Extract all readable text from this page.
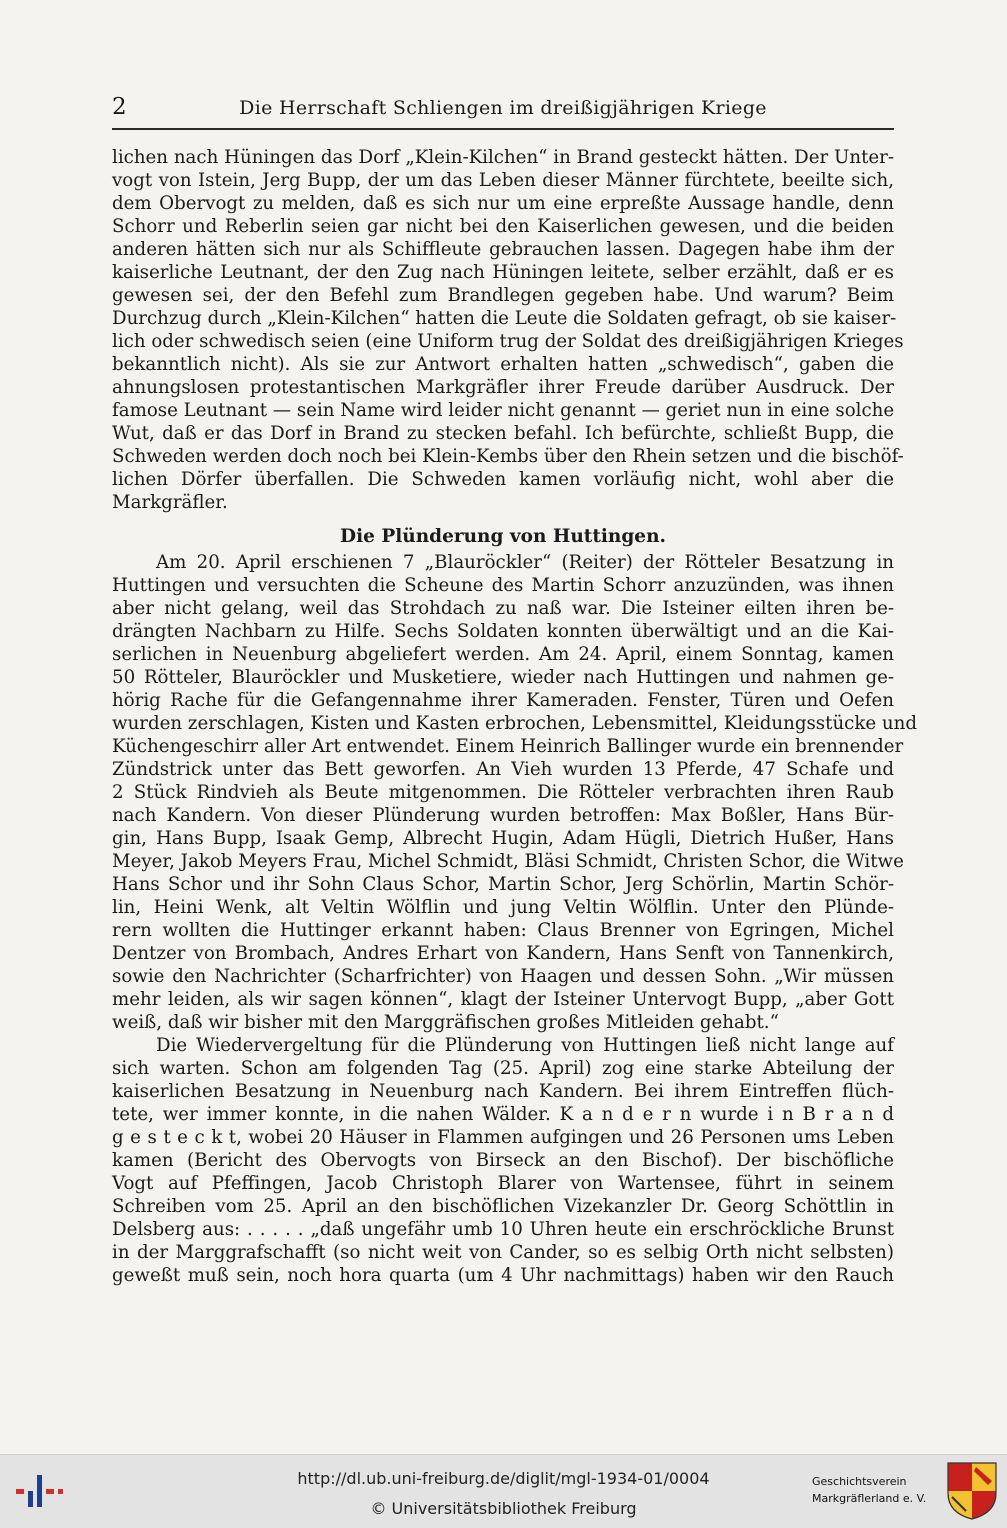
2	Die Herrschaft Schliengen im dreißigjährigen Kriege
lichen nach Hüningen das Dorf „Klein-Kilchen“ in Brand gesteckt hätten. Der Unter-
vogt von Istein, Jerg Bupp, der um das Leben dieser Männer fürchtete, beeilte sich,
dem Obervogt zu melden, daß es sich nur um eine erpreßte Aussage handle, denn
Schorr und Reberlin seien gar nicht bei den Kaiserlichen gewesen, und die beiden
anderen hätten sich nur als Schiffleute gebrauchen lassen. Dagegen habe ihm der
kaiserliche Leutnant, der den Zug nach Hüningen leitete, selber erzählt, daß er es
gewesen sei, der den Befehl zum Brandlegen gegeben habe. Und warum? Beim
Durchzug durch „Klein-Kilchen“ hatten die Leute die Soldaten gefragt, ob sie kaiser-
lich oder schwedisch seien (eine Uniform trug der Soldat des dreißigjährigen Krieges
bekanntlich nicht). Als sie zur Antwort erhalten hatten „schwedisch“, gaben die
ahnungslosen protestantischen Markgräfler ihrer Freude darüber Ausdruck. Der
famose Leutnant — sein Name wird leider nicht genannt — geriet nun in eine solche
Wut, daß er das Dorf in Brand zu stecken befahl. Ich befürchte, schließt Bupp, die
Schweden werden doch noch bei Klein-Kembs über den Rhein setzen und die bischöf-
lichen Dörfer überfallen. Die Schweden kamen vorläufig nicht, wohl aber die
Markgräfler.
Die Plünderung von Huttingen.
Am 20. April erschienen 7 „Blauröckler“ (Reiter) der Rötteler Besatzung in
Huttingen und versuchten die Scheune des Martin Schorr anzuzünden, was ihnen
aber nicht gelang, weil das Strohdach zu naß war. Die Isteiner eilten ihren be-
drängten Nachbarn zu Hilfe. Sechs Soldaten konnten überwältigt und an die Kai-
serlichen in Neuenburg abgeliefert werden. Am 24. April, einem Sonntag, kamen
50 Rötteler, Blauröckler und Musketiere, wieder nach Huttingen und nahmen ge-
hörig Rache für die Gefangennahme ihrer Kameraden. Fenster, Türen und Oefen
wurden zerschlagen, Kisten und Kasten erbrochen, Lebensmittel, Kleidungsstücke und
Küchengeschirr aller Art entwendet. Einem Heinrich Ballinger wurde ein brennender
Zündstrick unter das Bett geworfen. An Vieh wurden 13 Pferde, 47 Schafe und
2 Stück Rindvieh als Beute mitgenommen. Die Rötteler verbrachten ihren Raub
nach Kandern. Von dieser Plünderung wurden betroffen: Max Boßler, Hans Bür-
gin, Hans Bupp, Isaak Gemp, Albrecht Hugin, Adam Hügli, Dietrich Hußer, Hans
Meyer, Jakob Meyers Frau, Michel Schmidt, Bläsi Schmidt, Christen Schor, die Witwe
Hans Schor und ihr Sohn Claus Schor, Martin Schor, Jerg Schörlin, Martin Schör-
lin, Heini Wenk, alt Veltin Wölflin und jung Veltin Wölflin. Unter den Plünde-
rern wollten die Huttinger erkannt haben: Claus Brenner von Egringen, Michel
Dentzer von Brombach, Andres Erhart von Kandern, Hans Senft von Tannenkirch,
sowie den Nachrichter (Scharfrichter) von Haagen und dessen Sohn. „Wir müssen
mehr leiden, als wir sagen können“, klagt der Isteiner Untervogt Bupp, „aber Gott
weiß, daß wir bisher mit den Marggräfischen großes Mitleiden gehabt.“
Die Wiedervergeltung für die Plünderung von Huttingen ließ nicht lange auf
sich warten. Schon am folgenden Tag (25. April) zog eine starke Abteilung der
kaiserlichen Besatzung in Neuenburg nach Kandern. Bei ihrem Eintreffen flüch-
tete, wer immer konnte, in die nahen Wälder. K a n d e r n wurde i n B r a n d
g e s t e c k t, wobei 20 Häuser in Flammen aufgingen und 26 Personen ums Leben
kamen (Bericht des Obervogts von Birseck an den Bischof). Der bischöfliche
Vogt auf Pfeffingen, Jacob Christoph Blarer von Wartensee, führt in seinem
Schreiben vom 25. April an den bischöflichen Vizekanzler Dr. Georg Schöttlin in
Delsberg aus: . . . . . „daß ungefähr umb 10 Uhren heute ein erschröckliche Brunst
in der Marggrafschafft (so nicht weit von Cander, so es selbig Orth nicht selbsten)
geweßt muß sein, noch hora quarta (um 4 Uhr nachmittags) haben wir den Rauch
http://dl.ub.uni-freiburg.de/diglit/mgl-1934-01/0004
© Universitätsbibliothek Freiburg
Geschichtsverein
Markgräflerland e. V.
